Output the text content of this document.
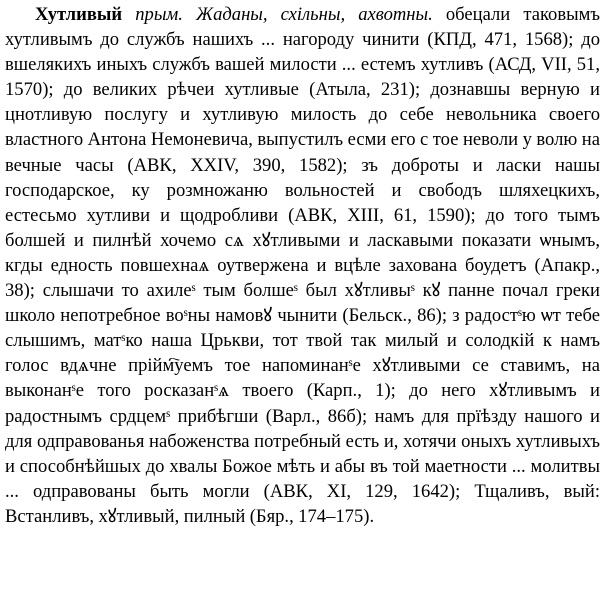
Хутливый прым. Жаданы, схільны, ахвотны. обецали таковымъ хутливымъ до службъ нашихъ ... нагороду чинити (КПД, 471, 1568); до вшелякихъ иныхъ службъ вашей милости ... естемъ хутливъ (АСД, VII, 51, 1570); до великих рѣчеи хутливые (Атыла, 231); дознавшы верную и цнотливую послугу и хутливую милость до себе невольника своего властного Антона Немоневича, выпустилъ есми его с тое неволи у волю на вечные часы (АВК, XXIV, 390, 1582); зъ доброты и ласки нашы господарское, ку розмножаню вольностей и свободъ шляхецкихъ, естесьмо хутливи и щодробливи (АВК, XIII, 61, 1590); до того тымъ болшей и пилнѣй хочемо сѧ хꙋтливыми и ласкавыми показати ѡнымъ, кгды едность повшехнаѧ оутвержена и вцѣле захована боудетъ (Апакр., 38); слышачи то ахилеˢ тым болшеˢ был хꙋтливыˢ кꙋ панне почал греки школо непотребное воˢны намовꙋ чынити (Бельск., 86); з радостˢю ѡт тебе слышимъ, матˢко наша Црькви, тот твой так милый и солодкій к намъ голос вдѧчне прійм҇уемъ тое напоминанˢе хꙋтливыми се ставимъ, на выконанˢе того росказанˢѧ твоего (Карп., 1); до него хꙋтливымъ и радостнымъ срдцемˢ прибѣгши (Варл., 86б); намъ для прїѣзду нашого и для одправованья набоженства потребный есть и, хотячи оныхъ хутливыхъ и способнѣйшых до хвалы Божое мѣть и абы въ той маетности ... молитвы ... одправованы быть могли (АВК, XI, 129, 1642); Тщаливъ, вый: Встанливъ, хꙋтливый, пилный (Бяр., 174–175).
